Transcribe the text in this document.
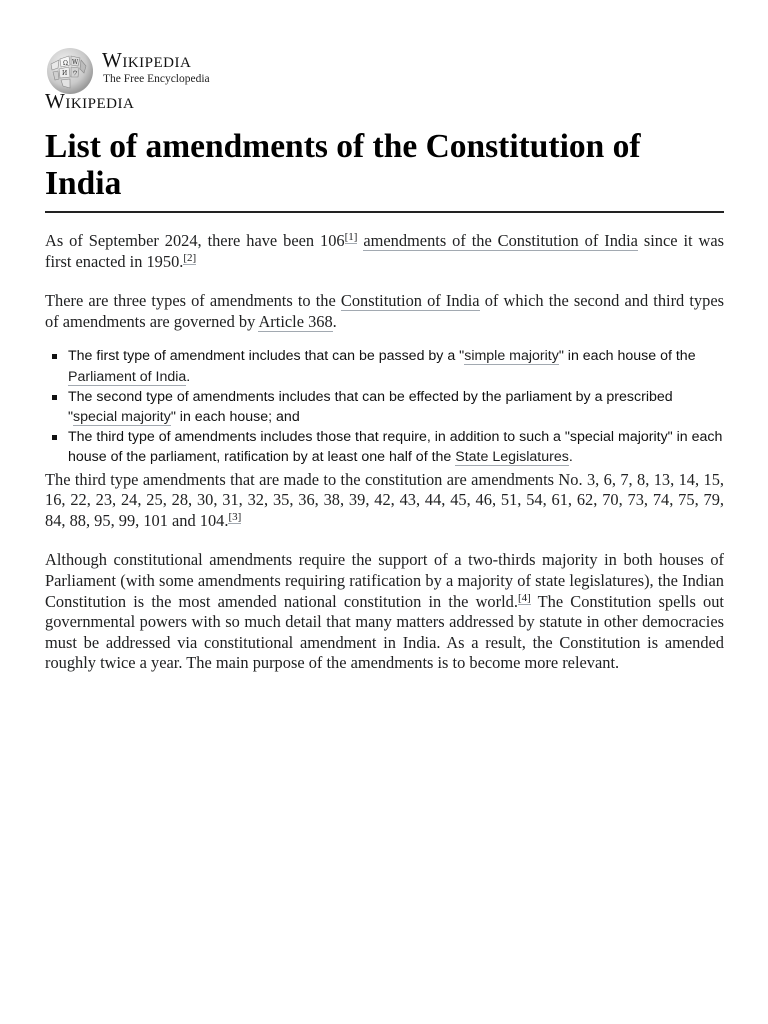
Ω W
И ウ
Wikipedia
The Free Encyclopedia
Wikipedia
List of amendments of the Constitution of India

As of September 2024, there have been 106[1] amendments of the Constitution of India since it was first enacted in 1950.[2]

There are three types of amendments to the Constitution of India of which the second and third types of amendments are governed by Article 368.

The first type of amendment includes that can be passed by a "simple majority" in each house of the Parliament of India.
The second type of amendments includes that can be effected by the parliament by a prescribed "special majority" in each house; and
The third type of amendments includes those that require, in addition to such a "special majority" in each house of the parliament, ratification by at least one half of the State Legislatures.

The third type amendments that are made to the constitution are amendments No. 3, 6, 7, 8, 13, 14, 15, 16, 22, 23, 24, 25, 28, 30, 31, 32, 35, 36, 38, 39, 42, 43, 44, 45, 46, 51, 54, 61, 62, 70, 73, 74, 75, 79, 84, 88, 95, 99, 101 and 104.[3]

Although constitutional amendments require the support of a two-thirds majority in both houses of Parliament (with some amendments requiring ratification by a majority of state legislatures), the Indian Constitution is the most amended national constitution in the world.[4] The Constitution spells out governmental powers with so much detail that many matters addressed by statute in other democracies must be addressed via constitutional amendment in India. As a result, the Constitution is amended roughly twice a year. The main purpose of the amendments is to become more relevant.
